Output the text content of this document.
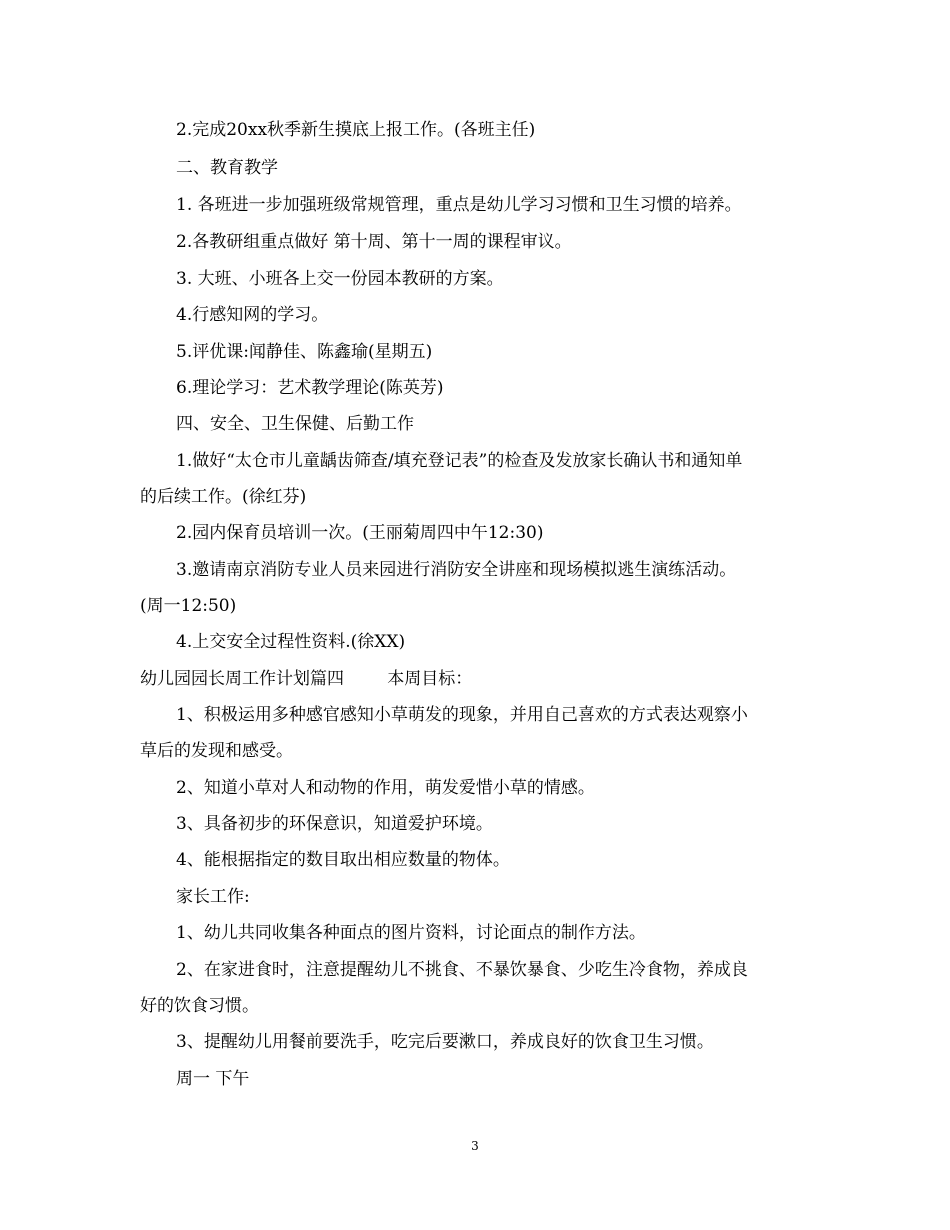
2.完成20xx秋季新生摸底上报工作。(各班主任)
二、教育教学
1. 各班进一步加强班级常规管理，重点是幼儿学习习惯和卫生习惯的培养。
2.各教研组重点做好 第十周、第十一周的课程审议。
3. 大班、小班各上交一份园本教研的方案。
4.行感知网的学习。
5.评优课:闻静佳、陈鑫瑜(星期五)
6.理论学习：艺术教学理论(陈英芳)
四、安全、卫生保健、后勤工作
1.做好“太仓市儿童龋齿筛查/填充登记表”的检查及发放家长确认书和通知单
的后续工作。(徐红芬)
2.园内保育员培训一次。(王丽菊周四中午12:30)
3.邀请南京消防专业人员来园进行消防安全讲座和现场模拟逃生演练活动。
(周一12:50)
4.上交安全过程性资料.(徐XX)
幼儿园园长周工作计划篇四        本周目标：
1、积极运用多种感官感知小草萌发的现象，并用自己喜欢的方式表达观察小
草后的发现和感受。
2、知道小草对人和动物的作用，萌发爱惜小草的情感。
3、具备初步的环保意识，知道爱护环境。
4、能根据指定的数目取出相应数量的物体。
家长工作:
1、幼儿共同收集各种面点的图片资料，讨论面点的制作方法。
2、在家进食时，注意提醒幼儿不挑食、不暴饮暴食、少吃生冷食物，养成良
好的饮食习惯。
3、提醒幼儿用餐前要洗手，吃完后要漱口，养成良好的饮食卫生习惯。
周一 下午
3
